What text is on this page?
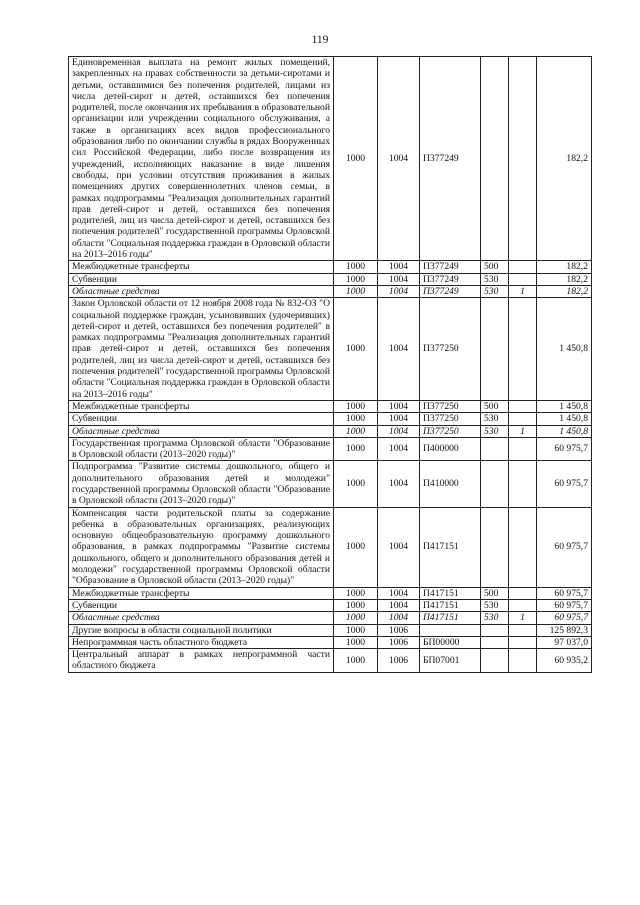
119
Единовременная выплата на ремонт жилых помещений, закрепленных на правах собственности за детьми-сиротами и детьми, оставшимися без попечения родителей, лицами из числа детей-сирот и детей, оставшихся без попечения родителей, после окончания их пребывания в образовательной организации или учреждении социального обслуживания, а также в организациях всех видов профессионального образования либо по окончании службы в рядах Вооруженных сил Российской Федерации, либо после возвращения из учреждений, исполняющих наказание в виде лишения свободы, при условии отсутствия проживания в жилых помещениях других совершеннолетних членов семьи, в рамках подпрограммы "Реализация дополнительных гарантий прав детей-сирот и детей, оставшихся без попечения родителей, лиц из числа детей-сирот и детей, оставшихся без попечения родителей" государственной программы Орловской области "Социальная поддержка граждан в Орловской области на 2013–2016 годы"	1000	1004	П377249			182,2
Межбюджетные трансферты	1000	1004	П377249	500		182,2
Субвенции	1000	1004	П377249	530		182,2
Областные средства	1000	1004	П377249	530	1	182,2
Закон Орловской области от 12 ноября 2008 года № 832-ОЗ "О социальной поддержке граждан, усыновивших (удочеривших) детей-сирот и детей, оставшихся без попечения родителей" в рамках подпрограммы "Реализация дополнительных гарантий прав детей-сирот и детей, оставшихся без попечения родителей, лиц из числа детей-сирот и детей, оставшихся без попечения родителей" государственной программы Орловской области "Социальная поддержка граждан в Орловской области на 2013–2016 годы"	1000	1004	П377250			1 450,8
Межбюджетные трансферты	1000	1004	П377250	500		1 450,8
Субвенции	1000	1004	П377250	530		1 450,8
Областные средства	1000	1004	П377250	530	1	1 450,8
Государственная программа Орловской области "Образование в Орловской области (2013–2020 годы)"	1000	1004	П400000			60 975,7
Подпрограмма "Развитие системы дошкольного, общего и дополнительного образования детей и молодежи" государственной программы Орловской области "Образование в Орловской области (2013–2020 годы)"	1000	1004	П410000			60 975,7
Компенсация части родительской платы за содержание ребенка в образовательных организациях, реализующих основную общеобразовательную программу дошкольного образования, в рамках подпрограммы "Развитие системы дошкольного, общего и дополнительного образования детей и молодежи" государственной программы Орловской области "Образование в Орловской области (2013–2020 годы)"	1000	1004	П417151			60 975,7
Межбюджетные трансферты	1000	1004	П417151	500		60 975,7
Субвенции	1000	1004	П417151	530		60 975,7
Областные средства	1000	1004	П417151	530	1	60 975,7
Другие вопросы в области социальной политики	1000	1006				125 892,3
Непрограммная часть областного бюджета	1000	1006	БП00000			97 037,0
Центральный аппарат в рамках непрограммной части областного бюджета	1000	1006	БП07001			60 935,2
